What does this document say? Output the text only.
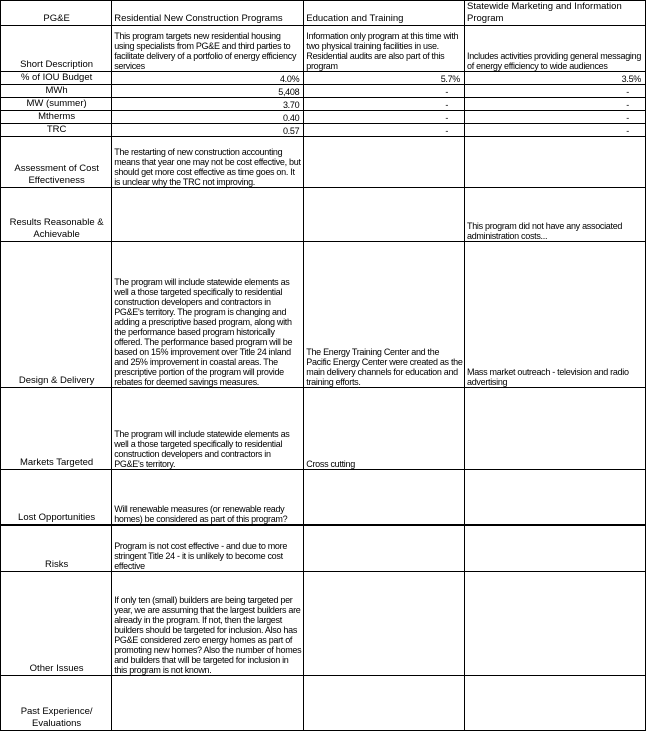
PG&E	Residential New Construction Programs	Education and Training	Statewide Marketing and Information Program
Short Description	This program targets new residential housing using specialists from PG&E and third parties to facilitate delivery of a portfolio of energy efficiency services	Information only program at this time with two physical training facilities in use. Residential audits are also part of this program	Includes activities providing general messaging of energy efficiency to wide audiences
% of IOU Budget	4.0%	5.7%	3.5%
MWh	5,408	-	-
MW (summer)	3.70	-	-
Mtherms	0.40	-	-
TRC	0.57	-	-
Assessment of Cost Effectiveness	The restarting of new construction accounting means that year one may not be cost effective, but should get more cost effective as time goes on. It is unclear why the TRC not improving.		
Results Reasonable & Achievable			This program did not have any associated administration costs...
Design & Delivery	The program will include statewide elements as well a those targeted specifically to residential construction developers and contractors in PG&E's territory. The program is changing and adding a prescriptive based program, along with the performance based program historically offered. The performance based program will be based on 15% improvement over Title 24 inland and 25% improvement in coastal areas. The prescriptive portion of the program will provide rebates for deemed savings measures.	The Energy Training Center and the Pacific Energy Center were created as the main delivery channels for education and training efforts.	Mass market outreach - television and radio advertising
Markets Targeted	The program will include statewide elements as well a those targeted specifically to residential construction developers and contractors in PG&E's territory.	Cross cutting	
Lost Opportunities	Will renewable measures (or renewable ready homes) be considered as part of this program?		
Risks	Program is not cost effective - and due to more stringent Title 24 - it is unlikely to become cost effective		
Other Issues	If only ten (small) builders are being targeted per year, we are assuming that the largest builders are already in the program. If not, then the largest builders should be targeted for inclusion. Also has PG&E considered zero energy homes as part of promoting new homes? Also the number of homes and builders that will be targeted for inclusion in this program is not known.		
Past Experience/ Evaluations			
